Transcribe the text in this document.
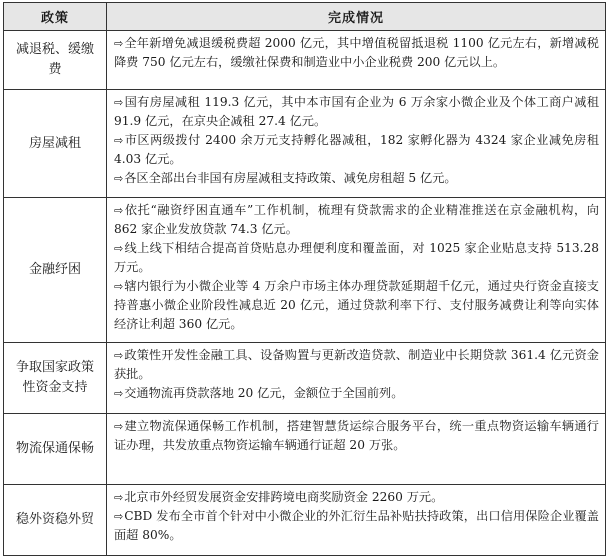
政策	完成情况
减退税、缓缴费	⇨全年新增免减退缓税费超 2000 亿元，其中增值税留抵退税 1100 亿元左右，新增减税降费 750 亿元左右，缓缴社保费和制造业中小企业税费 200 亿元以上。

房屋减租	⇨国有房屋减租 119.3 亿元，其中本市国有企业为 6 万余家小微企业及个体工商户减租 91.9 亿元，在京央企减租 27.4 亿元。
⇨市区两级拨付 2400 余万元支持孵化器减租，182 家孵化器为 4324 家企业减免房租 4.03 亿元。
⇨各区全部出台非国有房屋减租支持政策、减免房租超 5 亿元。

金融纾困	⇨依托“融资纾困直通车”工作机制，梳理有贷款需求的企业精准推送在京金融机构，向 862 家企业发放贷款 74.3 亿元。
⇨线上线下相结合提高首贷贴息办理便利度和覆盖面，对 1025 家企业贴息支持 513.28 万元。
⇨辖内银行为小微企业等 4 万余户市场主体办理贷款延期超千亿元，通过央行资金直接支持普惠小微企业阶段性减息近 20 亿元，通过贷款利率下行、支付服务减费让利等向实体经济让利超 360 亿元。

争取国家政策性资金支持	⇨政策性开发性金融工具、设备购置与更新改造贷款、制造业中长期贷款 361.4 亿元资金获批。
⇨交通物流再贷款落地 20 亿元，金额位于全国前列。

物流保通保畅	⇨建立物流保通保畅工作机制，搭建智慧货运综合服务平台，统一重点物资运输车辆通行证办理，共发放重点物资运输车辆通行证超 20 万张。

稳外资稳外贸	⇨北京市外经贸发展资金安排跨境电商奖励资金 2260 万元。
⇨CBD 发布全市首个针对中小微企业的外汇衍生品补贴扶持政策，出口信用保险企业覆盖面超 80%。
